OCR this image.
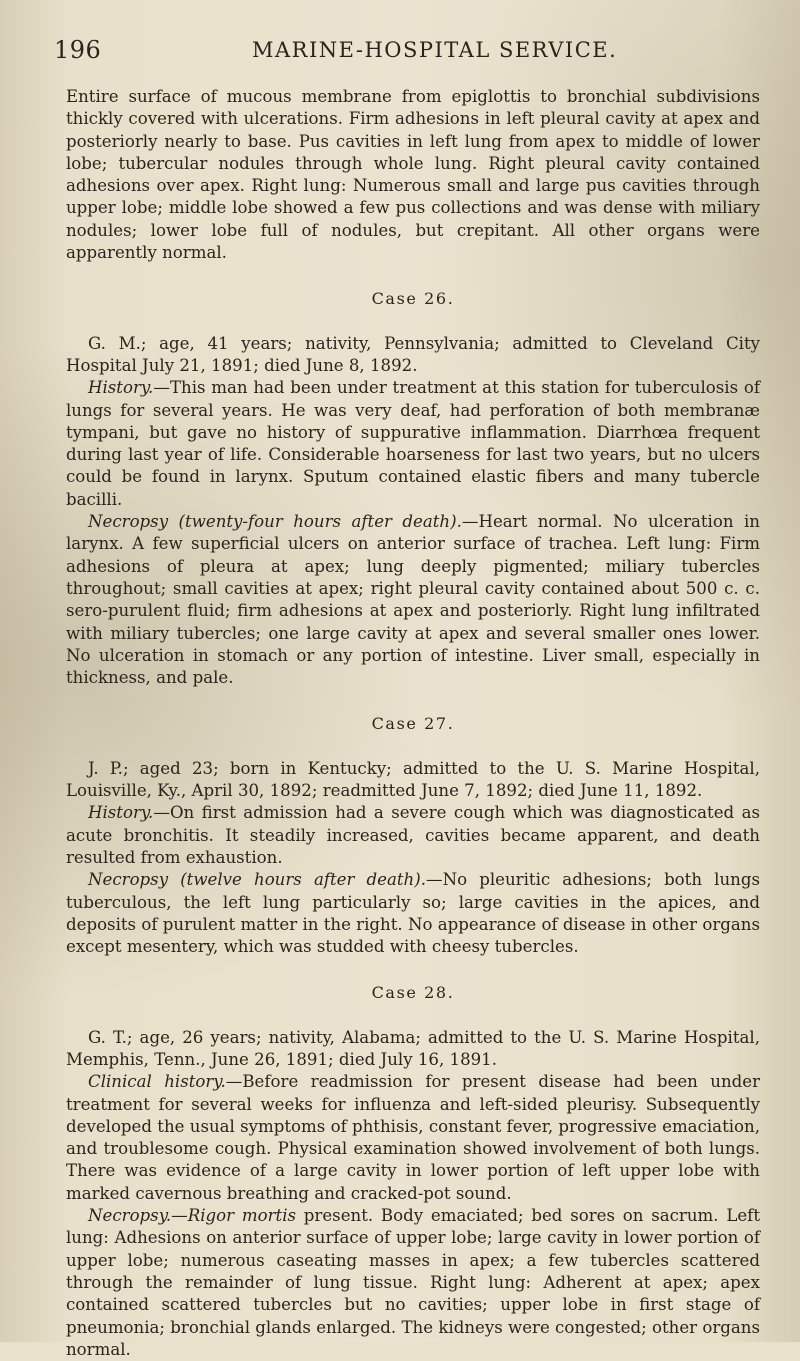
196	MARINE-HOSPITAL SERVICE.

Entire surface of mucous membrane from epiglottis to bronchial subdivisions thickly covered with ulcerations. Firm adhesions in left pleural cavity at apex and posteriorly nearly to base. Pus cavities in left lung from apex to middle of lower lobe; tubercular nodules through whole lung. Right pleural cavity contained adhesions over apex. Right lung: Numerous small and large pus cavities through upper lobe; middle lobe showed a few pus collections and was dense with miliary nodules; lower lobe full of nodules, but crepitant. All other organs were apparently normal.

Case 26.

G. M.; age, 41 years; nativity, Pennsylvania; admitted to Cleveland City Hospital July 21, 1891; died June 8, 1892.

History.—This man had been under treatment at this station for tuberculosis of lungs for several years. He was very deaf, had perforation of both membranæ tympani, but gave no history of suppurative inflammation. Diarrhœa frequent during last year of life. Considerable hoarseness for last two years, but no ulcers could be found in larynx. Sputum contained elastic fibers and many tubercle bacilli.

Necropsy (twenty-four hours after death).—Heart normal. No ulceration in larynx. A few superficial ulcers on anterior surface of trachea. Left lung: Firm adhesions of pleura at apex; lung deeply pigmented; miliary tubercles throughout; small cavities at apex; right pleural cavity contained about 500 c. c. sero-purulent fluid; firm adhesions at apex and posteriorly. Right lung infiltrated with miliary tubercles; one large cavity at apex and several smaller ones lower. No ulceration in stomach or any portion of intestine. Liver small, especially in thickness, and pale.

Case 27.

J. P.; aged 23; born in Kentucky; admitted to the U. S. Marine Hospital, Louisville, Ky., April 30, 1892; readmitted June 7, 1892; died June 11, 1892.

History.—On first admission had a severe cough which was diagnosticated as acute bronchitis. It steadily increased, cavities became apparent, and death resulted from exhaustion.

Necropsy (twelve hours after death).—No pleuritic adhesions; both lungs tuberculous, the left lung particularly so; large cavities in the apices, and deposits of purulent matter in the right. No appearance of disease in other organs except mesentery, which was studded with cheesy tubercles.

Case 28.

G. T.; age, 26 years; nativity, Alabama; admitted to the U. S. Marine Hospital, Memphis, Tenn., June 26, 1891; died July 16, 1891.

Clinical history.—Before readmission for present disease had been under treatment for several weeks for influenza and left-sided pleurisy. Subsequently developed the usual symptoms of phthisis, constant fever, progressive emaciation, and troublesome cough. Physical examination showed involvement of both lungs. There was evidence of a large cavity in lower portion of left upper lobe with marked cavernous breathing and cracked-pot sound.

Necropsy.—Rigor mortis present. Body emaciated; bed sores on sacrum. Left lung: Adhesions on anterior surface of upper lobe; large cavity in lower portion of upper lobe; numerous caseating masses in apex; a few tubercles scattered through the remainder of lung tissue. Right lung: Adherent at apex; apex contained scattered tubercles but no cavities; upper lobe in first stage of pneumonia; bronchial glands enlarged. The kidneys were congested; other organs normal.
